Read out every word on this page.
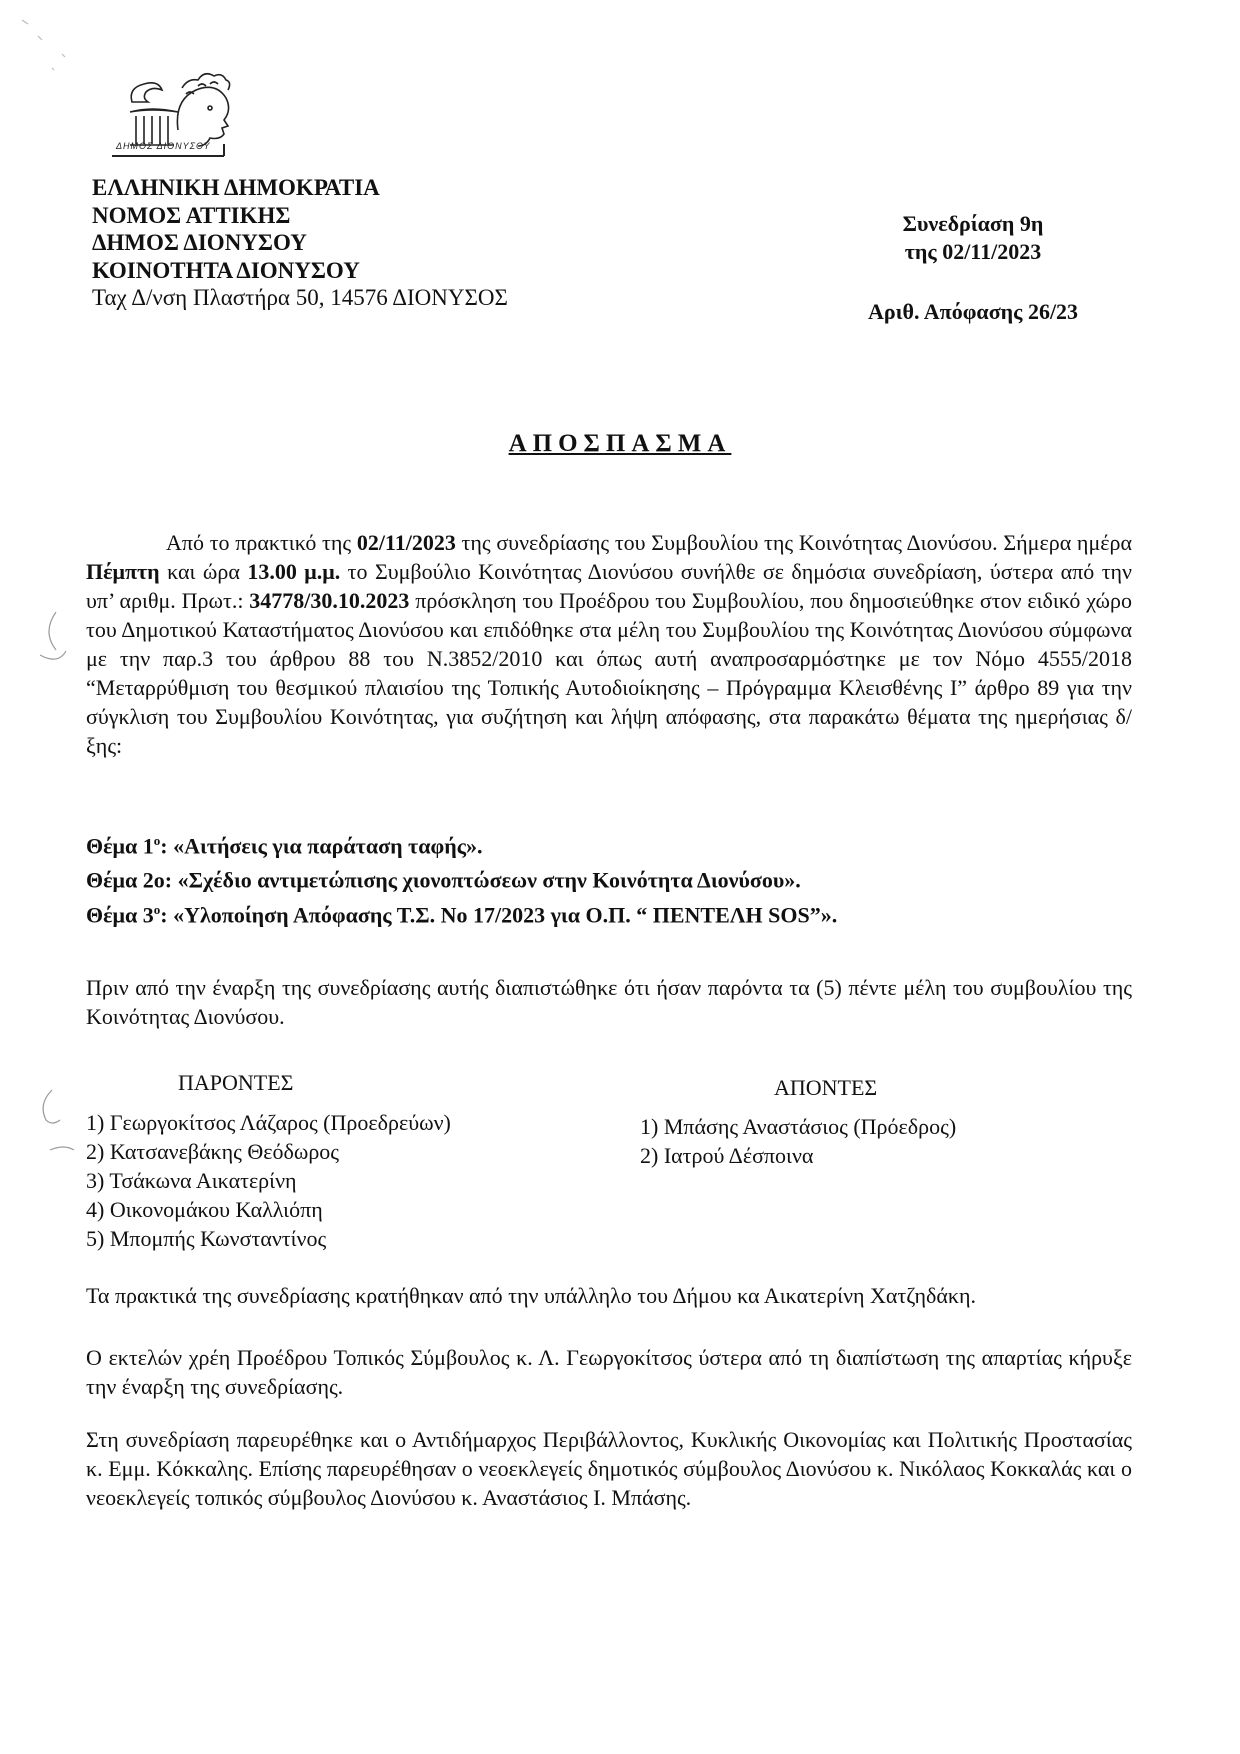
ΔΗΜΟΣ ΔΙΟΝΥΣΟΥ
ΕΛΛΗΝΙΚΗ ΔΗΜΟΚΡΑΤΙΑ
ΝΟΜΟΣ ΑΤΤΙΚΗΣ
ΔΗΜΟΣ ΔΙΟΝΥΣΟΥ
ΚΟΙΝΟΤΗΤΑ ΔΙΟΝΥΣΟΥ
Ταχ Δ/νση Πλαστήρα 50, 14576 ΔΙΟΝΥΣΟΣ
Συνεδρίαση 9η
της 02/11/2023
Αριθ. Απόφασης 26/23
ΑΠΟΣΠΑΣΜΑ
Από το πρακτικό της 02/11/2023 της συνεδρίασης του Συμβουλίου της Κοινότητας Διονύσου. Σήμερα ημέρα Πέμπτη και ώρα 13.00 μ.μ. το Συμβούλιο Κοινότητας Διονύσου συνήλθε σε δημόσια συνεδρίαση, ύστερα από την υπ’ αριθμ. Πρωτ.: 34778/30.10.2023 πρόσκληση του Προέδρου του Συμβουλίου, που δημοσιεύθηκε στον ειδικό χώρο του Δημοτικού Καταστήματος Διονύσου και επιδόθηκε στα μέλη του Συμβουλίου της Κοινότητας Διονύσου σύμφωνα με την παρ.3 του άρθρου 88 του Ν.3852/2010 και όπως αυτή αναπροσαρμόστηκε με τον Νόμο 4555/2018 “Μεταρρύθμιση του θεσμικού πλαισίου της Τοπικής Αυτοδιοίκησης – Πρόγραμμα Κλεισθένης Ι” άρθρο 89 για την σύγκλιση του Συμβουλίου Κοινότητας, για συζήτηση και λήψη απόφασης, στα παρακάτω θέματα της ημερήσιας δ/ξης:
Θέμα $1^o$: «Αιτήσεις για παράταση ταφής».
Θέμα 2ο: «Σχέδιο αντιμετώπισης χιονοπτώσεων στην Κοινότητα Διονύσου».
Θέμα $3^o$: «Υλοποίηση Απόφασης Τ.Σ. Νο 17/2023 για Ο.Π. “ ΠΕΝΤΕΛΗ SOS”».
Πριν από την έναρξη της συνεδρίασης αυτής διαπιστώθηκε ότι ήσαν παρόντα τα (5) πέντε μέλη του συμβουλίου της Κοινότητας Διονύσου.
ΠΑΡΟΝΤΕΣ
1) Γεωργοκίτσος Λάζαρος (Προεδρεύων)
2) Κατσανεβάκης Θεόδωρος
3) Τσάκωνα Αικατερίνη
4) Οικονομάκου Καλλιόπη
5) Μπομπής Κωνσταντίνος
ΑΠΟΝΤΕΣ
1) Μπάσης Αναστάσιος (Πρόεδρος)
2) Ιατρού Δέσποινα
Τα πρακτικά της συνεδρίασης κρατήθηκαν από την υπάλληλο του Δήμου κα Αικατερίνη Χατζηδάκη.
Ο εκτελών χρέη Προέδρου Τοπικός Σύμβουλος κ. Λ. Γεωργοκίτσος ύστερα από τη διαπίστωση της απαρτίας κήρυξε την έναρξη της συνεδρίασης.
Στη συνεδρίαση παρευρέθηκε και ο Αντιδήμαρχος Περιβάλλοντος, Κυκλικής Οικονομίας και Πολιτικής Προστασίας κ. Εμμ. Κόκκαλης. Επίσης παρευρέθησαν ο νεοεκλεγείς δημοτικός σύμβουλος Διονύσου κ. Νικόλαος Κοκκαλάς και ο νεοεκλεγείς τοπικός σύμβουλος Διονύσου κ. Αναστάσιος Ι. Μπάσης.
